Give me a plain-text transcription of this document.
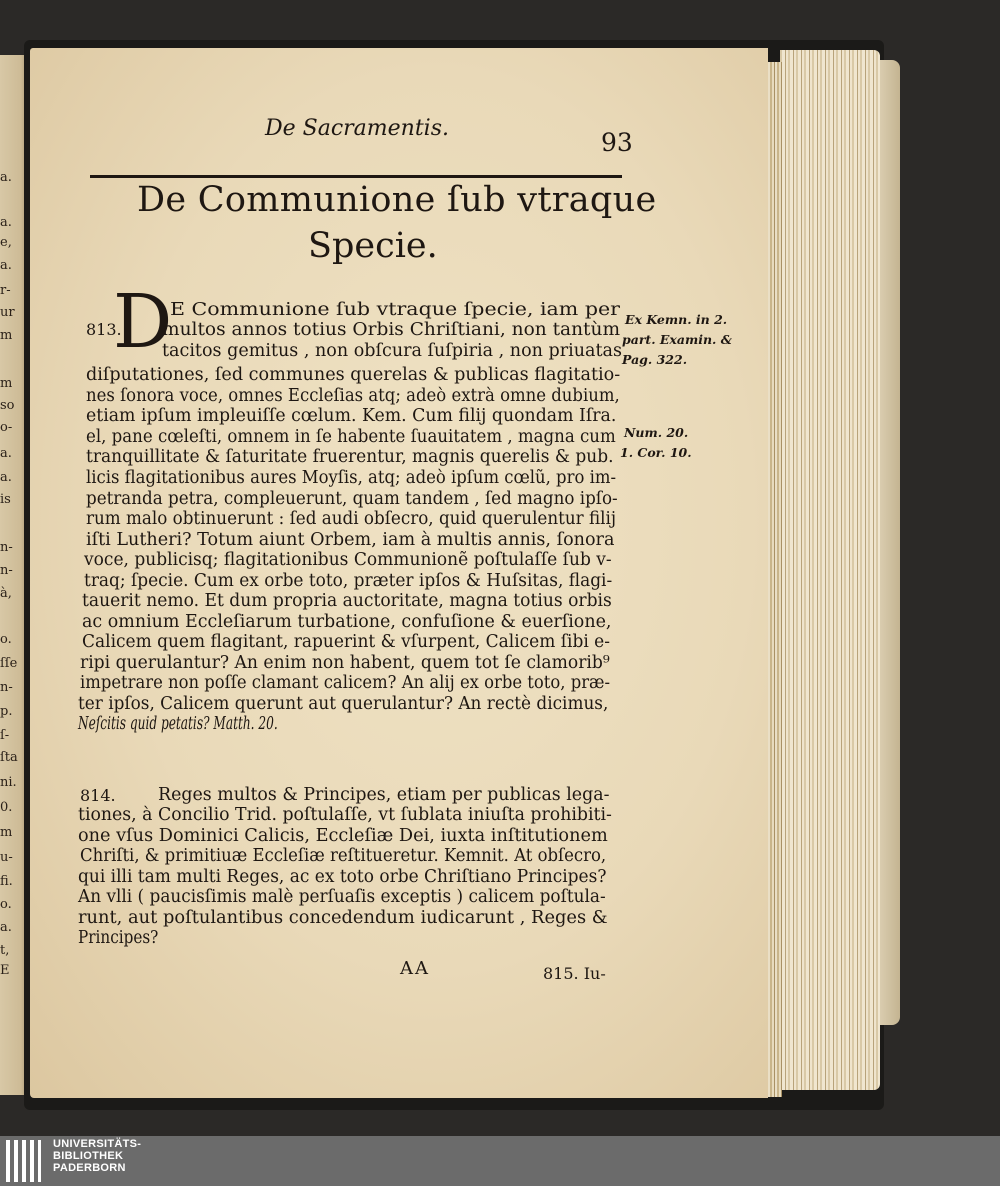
a.
a.
e,
a.
r-
ur
m
m
so
o-
a.
a.
is
n-
n-
à,
o.
ſſe
n-
p.
ſ-
ſta
ni.
0.
m
u-
fi.
o.
a.
t,
E
De Sacramentis.	93
De Communione ſub vtraque
Specie.
D
813.
814.
E Communione ſub vtraque ſpecie, iam per
multos annos totius Orbis Chriſtiani, non tantùm
tacitos gemitus , non obſcura ſuſpiria , non priuatas
diſputationes, ſed communes querelas & publicas flagitatio-
nes ſonora voce, omnes Eccleſias atq; adeò extrà omne dubium,
etiam ipſum impleuiſſe cœlum. Kem. Cum filij quondam Iſra.
el, pane cœleſti, omnem in ſe habente ſuauitatem , magna cum
tranquillitate & ſaturitate fruerentur, magnis querelis & pub.
licis flagitationibus aures Moyſis, atq; adeò ipſum cœlũ, pro im-
petranda petra, compleuerunt, quam tandem , ſed magno ipſo-
rum malo obtinuerunt : ſed audi obſecro, quid querulentur filij
iſti Lutheri? Totum aiunt Orbem, iam à multis annis, ſonora
voce, publicisq; flagitationibus Communionẽ poſtulaſſe ſub v-
traq; ſpecie. Cum ex orbe toto, præter ipſos & Huſsitas, flagi-
tauerit nemo. Et dum propria auctoritate, magna totius orbis
ac omnium Eccleſiarum turbatione, confuſione & euerſione,
Calicem quem flagitant, rapuerint & vſurpent, Calicem ſibi e-
ripi querulantur? An enim non habent, quem tot ſe clamorib⁹
impetrare non poſſe clamant calicem? An alij ex orbe toto, præ-
ter ipſos, Calicem querunt aut querulantur? An rectè dicimus,
Neſcitis quid petatis? Matth. 20.
Reges multos & Principes, etiam per publicas lega-
tiones, à Concilio Trid. poſtulaſſe, vt ſublata iniuſta prohibiti-
one vſus Dominici Calicis, Eccleſiæ Dei, iuxta inſtitutionem
Chriſti, & primitiuæ Eccleſiæ reſtitueretur. Kemnit. At obſecro,
qui illi tam multi Reges, ac ex toto orbe Chriſtiano Principes?
An vlli ( paucisſimis malè perſuaſis exceptis ) calicem poſtula-
runt, aut poſtulantibus concedendum iudicarunt , Reges &
Principes?
Ex Kemn. in 2.
part. Examin. &
Pag. 322.
Num. 20.
1. Cor. 10.
AA	815. Iu-
UNIVERSITÄTS-
BIBLIOTHEK
PADERBORN
